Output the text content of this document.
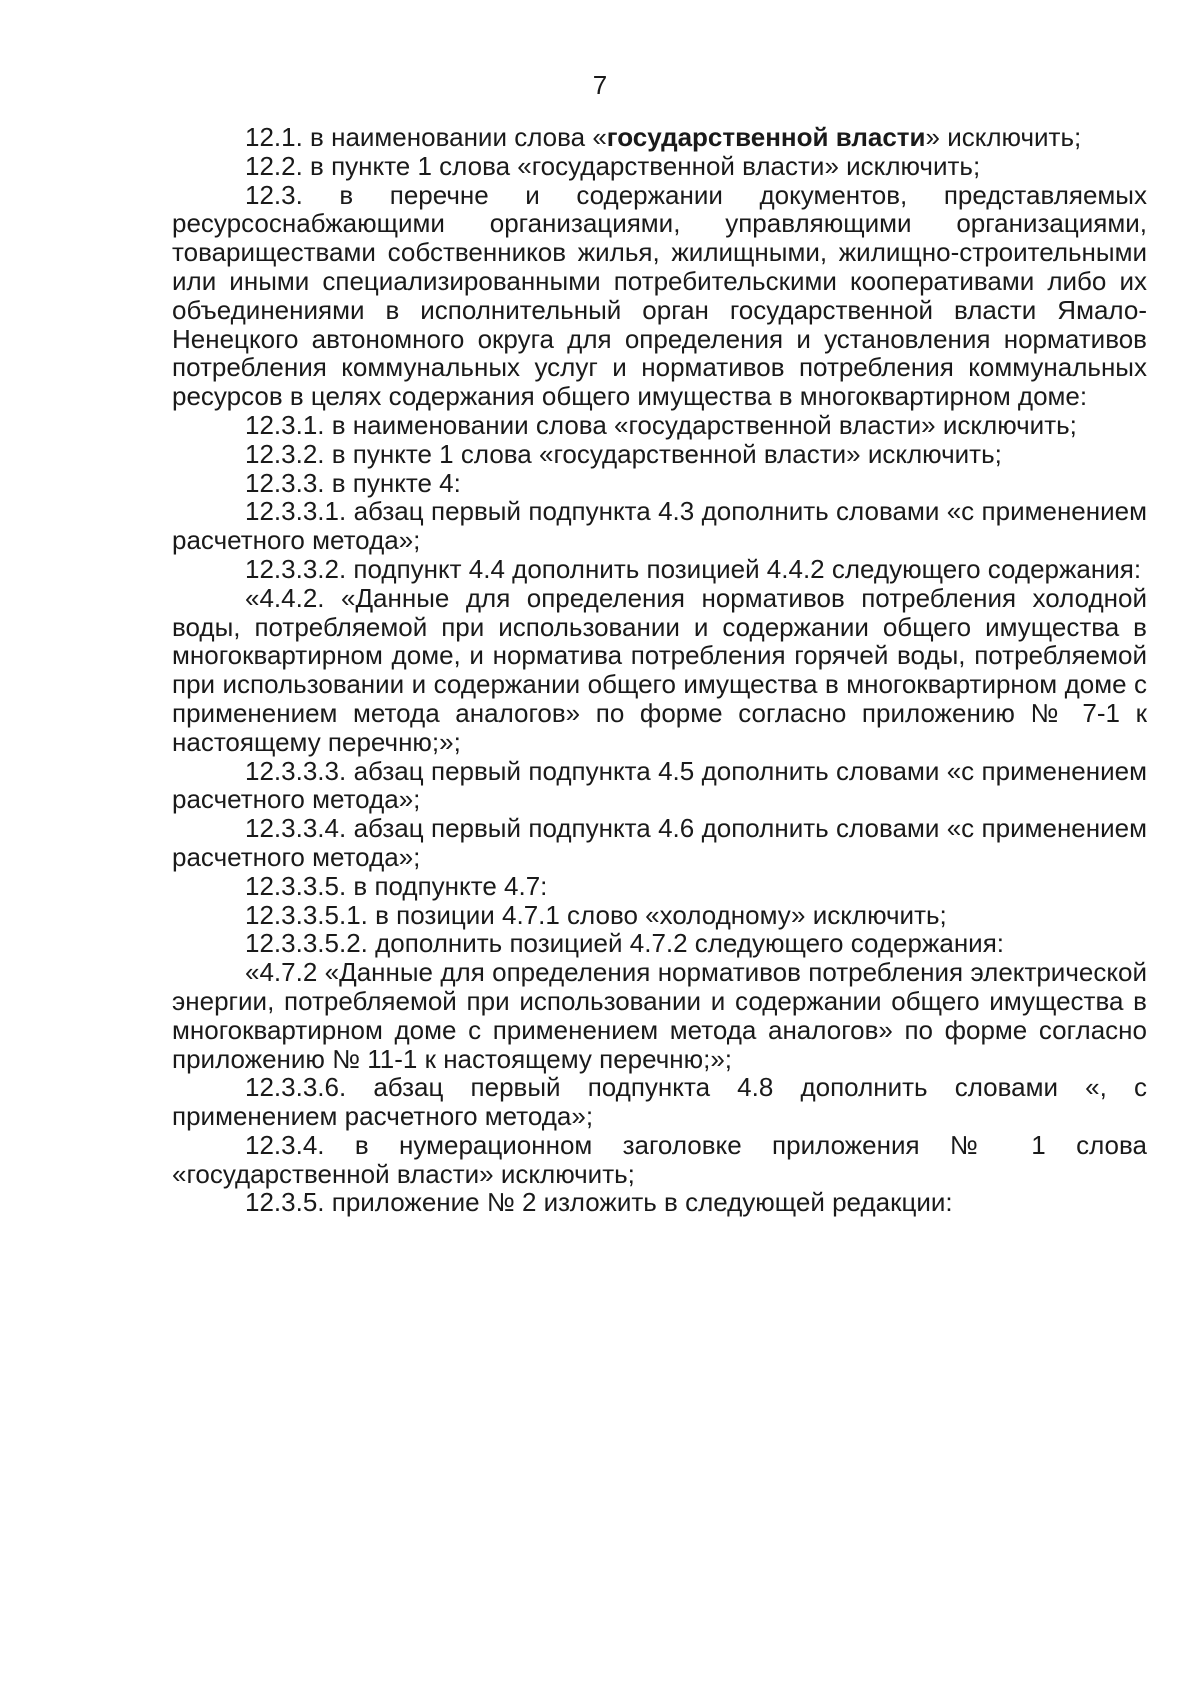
7

12.1. в наименовании слова «государственной власти» исключить;

12.2. в пункте 1 слова «государственной власти» исключить;

12.3. в перечне и содержании документов, представляемых ресурсоснабжающими организациями, управляющими организациями, товариществами собственников жилья, жилищными, жилищно-строительными или иными специализированными потребительскими кооперативами либо их объединениями в исполнительный орган государственной власти Ямало-Ненецкого автономного округа для определения и установления нормативов потребления коммунальных услуг и нормативов потребления коммунальных ресурсов в целях содержания общего имущества в многоквартирном доме:

12.3.1. в наименовании слова «государственной власти» исключить;

12.3.2. в пункте 1 слова «государственной власти» исключить;

12.3.3. в пункте 4:

12.3.3.1. абзац первый подпункта 4.3 дополнить словами «с применением расчетного метода»;

12.3.3.2. подпункт 4.4 дополнить позицией 4.4.2 следующего содержания:

«4.4.2. «Данные для определения нормативов потребления холодной воды, потребляемой при использовании и содержании общего имущества в многоквартирном доме, и норматива потребления горячей воды, потребляемой при использовании и содержании общего имущества в многоквартирном доме с применением метода аналогов» по форме согласно приложению № 7-1 к настоящему перечню;»;

12.3.3.3. абзац первый подпункта 4.5 дополнить словами «с применением расчетного метода»;

12.3.3.4. абзац первый подпункта 4.6 дополнить словами «с применением расчетного метода»;

12.3.3.5. в подпункте 4.7:

12.3.3.5.1. в позиции 4.7.1 слово «холодному» исключить;

12.3.3.5.2. дополнить позицией 4.7.2 следующего содержания:

«4.7.2 «Данные для определения нормативов потребления электрической энергии, потребляемой при использовании и содержании общего имущества в многоквартирном доме с применением метода аналогов» по форме согласно приложению № 11-1 к настоящему перечню;»;

12.3.3.6. абзац первый подпункта 4.8 дополнить словами «, с применением расчетного метода»;

12.3.4. в нумерационном заголовке приложения № 1 слова «государственной власти» исключить;

12.3.5. приложение № 2 изложить в следующей редакции:
